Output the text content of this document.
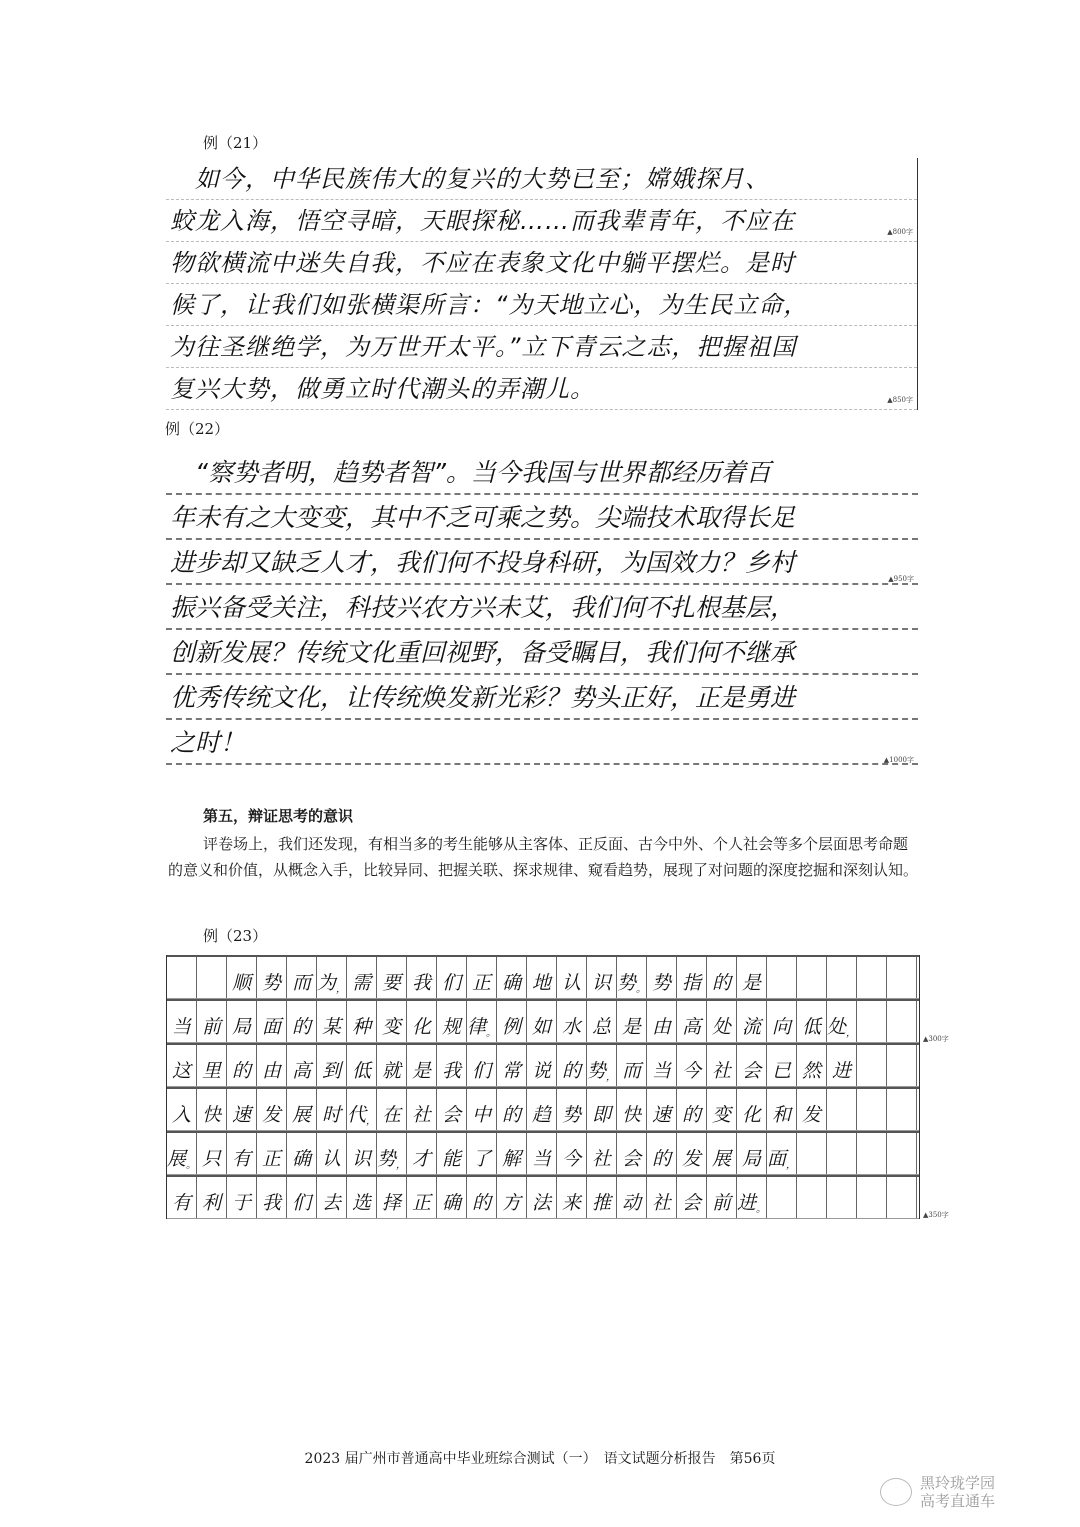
例（21）
　如今，中华民族伟大的复兴的大势已至；嫦娥探月、
蛟龙入海，悟空寻暗，天眼探秘……而我辈青年，不应在
物欲横流中迷失自我，不应在表象文化中躺平摆烂。是时
候了，让我们如张横渠所言：“为天地立心，为生民立命，
为往圣继绝学，为万世开太平。”立下青云之志，把握祖国
复兴大势，做勇立时代潮头的弄潮儿。
▲800字
▲850字
例（22）
　“察势者明，趋势者智”。当今我国与世界都经历着百
年未有之大变变，其中不乏可乘之势。尖端技术取得长足
进步却又缺乏人才，我们何不投身科研，为国效力？乡村
振兴备受关注，科技兴农方兴未艾，我们何不扎根基层，
创新发展？传统文化重回视野，备受瞩目，我们何不继承
优秀传统文化，让传统焕发新光彩？势头正好，正是勇进
之时！
▲950字
▲1000字
第五，辩证思考的意识
评卷场上，我们还发现，有相当多的考生能够从主客体、正反面、古今中外、个人社会等多个层面思考命题的意义和价值，从概念入手，比较异同、把握关联、探求规律、窥看趋势，展现了对问题的深度挖掘和深刻认知。
例（23）
▲300字
▲350字
顺 势 而 为 ， 需 要 我 们 正 确 地 认 识 势 。 势 指 的 是
当 前 局 面 的 某 种 变 化 规 律 。 例 如 水 总 是 由 高 处 流 向 低 处 ，
这 里 的 由 高 到 低 就 是 我 们 常 说 的 势 ， 而 当 今 社 会 已 然 进
入 快 速 发 展 时 代 ， 在 社 会 中 的 趋 势 即 快 速 的 变 化 和 发
展 。 只 有 正 确 认 识 势 ， 才 能 了 解 当 今 社 会 的 发 展 局 面 ，
有 利 于 我 们 去 选 择 正 确 的 方 法 来 推 动 社 会 前 进 。
2023 届广州市普通高中毕业班综合测试（一）　语文试题分析报告　第56页
黑玲珑学园
高考直通车
